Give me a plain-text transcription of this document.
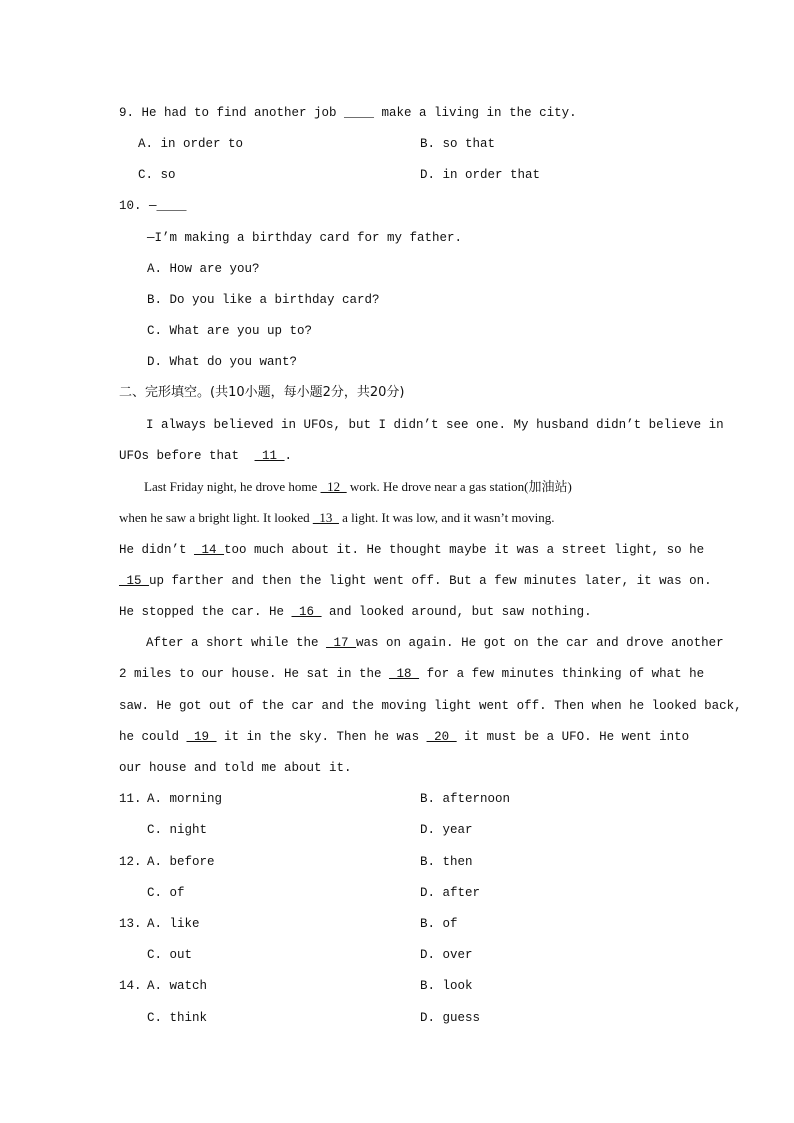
9. He had to find another job ____ make a living in the city.
A. in order to	B. so that
C. so	D. in order that
10. —____
—I’m making a birthday card for my father.
A. How are you?
B. Do you like a birthday card?
C. What are you up to?
D. What do you want?
二、完形填空。(共10小题，每小题2分，共20分)
I always believed in UFOs, but I didn’t see one. My husband didn’t believe in
UFOs before that  11 .
Last Friday night, he drove home _12_ work. He drove near a gas station(加油站)
when he saw a bright light. It looked _13_ a light. It was low, and it wasn’t moving.
He didn’t _14_too much about it. He thought maybe it was a street light, so he
_15_up farther and then the light went off. But a few minutes later, it was on.
He stopped the car. He _16_ and looked around, but saw nothing.
After a short while the _17_was on again. He got on the car and drove another
2 miles to our house. He sat in the _18_ for a few minutes thinking of what he
saw. He got out of the car and the moving light went off. Then when he looked back,
he could _19_ it in the sky. Then he was _20_ it must be a UFO. He went into
our house and told me about it.
11. A. morning	B. afternoon
C. night	D. year
12. A. before	B. then
C. of	D. after
13. A. like	B. of
C. out	D. over
14. A. watch	B. look
C. think	D. guess
